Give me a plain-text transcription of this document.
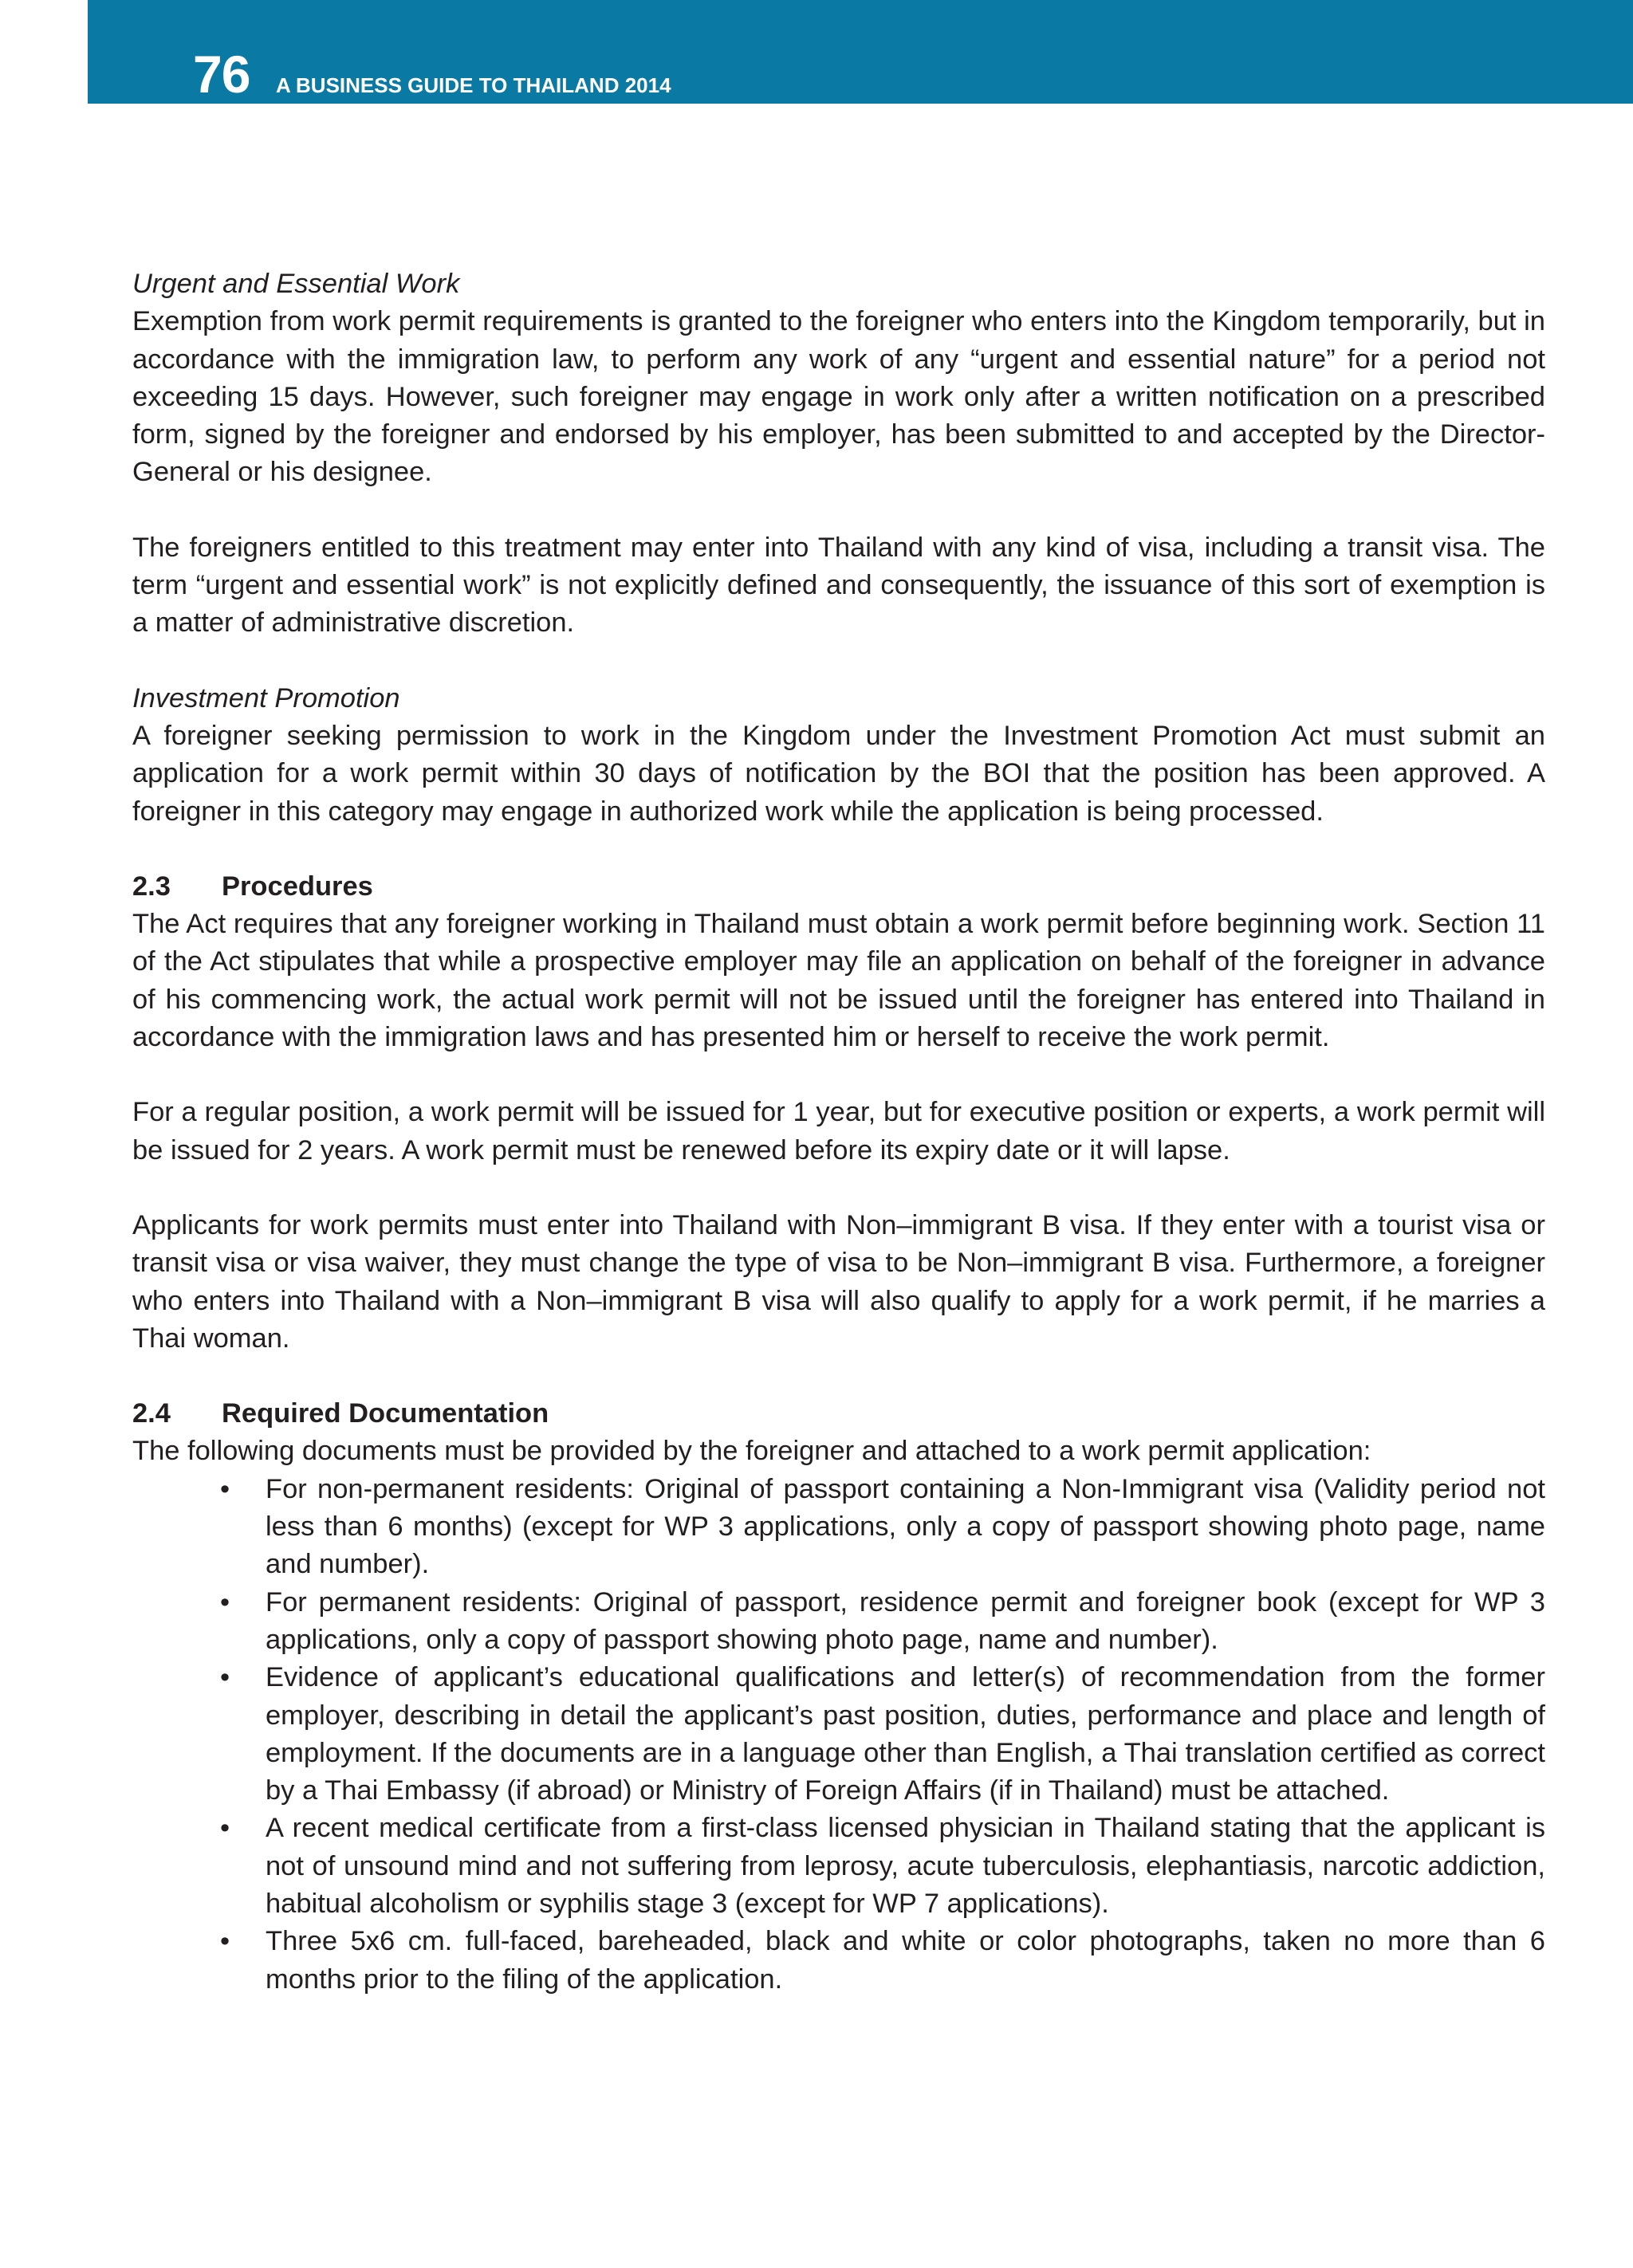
76 A BUSINESS GUIDE TO THAILAND 2014

Urgent and Essential Work

Exemption from work permit requirements is granted to the foreigner who enters into the Kingdom temporarily, but in accordance with the immigration law, to perform any work of any “urgent and essential nature” for a period not exceeding 15 days. However, such foreigner may engage in work only after a written notification on a prescribed form, signed by the foreigner and endorsed by his employer, has been submitted to and accepted by the Director-General or his designee.

The foreigners entitled to this treatment may enter into Thailand with any kind of visa, including a transit visa. The term “urgent and essential work” is not explicitly defined and consequently, the issuance of this sort of exemption is a matter of administrative discretion.

Investment Promotion

A foreigner seeking permission to work in the Kingdom under the Investment Promotion Act must submit an application for a work permit within 30 days of notification by the BOI that the position has been approved. A foreigner in this category may engage in authorized work while the application is being processed.

2.3	Procedures

The Act requires that any foreigner working in Thailand must obtain a work permit before beginning work. Section 11 of the Act stipulates that while a prospective employer may file an application on behalf of the foreigner in advance of his commencing work, the actual work permit will not be issued until the foreigner has entered into Thailand in accordance with the immigration laws and has presented him or herself to receive the work permit.

For a regular position, a work permit will be issued for 1 year, but for executive position or experts, a work permit will be issued for 2 years. A work permit must be renewed before its expiry date or it will lapse.

Applicants for work permits must enter into Thailand with Non–immigrant B visa. If they enter with a tourist visa or transit visa or visa waiver, they must change the type of visa to be Non–immigrant B visa. Furthermore, a foreigner who enters into Thailand with a Non–immigrant B visa will also qualify to apply for a work permit, if he marries a Thai woman.

2.4	Required Documentation

The following documents must be provided by the foreigner and attached to a work permit application:

• For non-permanent residents: Original of passport containing a Non-Immigrant visa (Validity period not less than 6 months) (except for WP 3 applications, only a copy of passport showing photo page, name and number).
• For permanent residents: Original of passport, residence permit and foreigner book (except for WP 3 applications, only a copy of passport showing photo page, name and number).
• Evidence of applicant’s educational qualifications and letter(s) of recommendation from the former employer, describing in detail the applicant’s past position, duties, performance and place and length of employment. If the documents are in a language other than English, a Thai translation certified as correct by a Thai Embassy (if abroad) or Ministry of Foreign Affairs (if in Thailand) must be attached.
• A recent medical certificate from a first-class licensed physician in Thailand stating that the applicant is not of unsound mind and not suffering from leprosy, acute tuberculosis, elephantiasis, narcotic addiction, habitual alcoholism or syphilis stage 3 (except for WP 7 applications).
• Three 5x6 cm. full-faced, bareheaded, black and white or color photographs, taken no more than 6 months prior to the filing of the application.
